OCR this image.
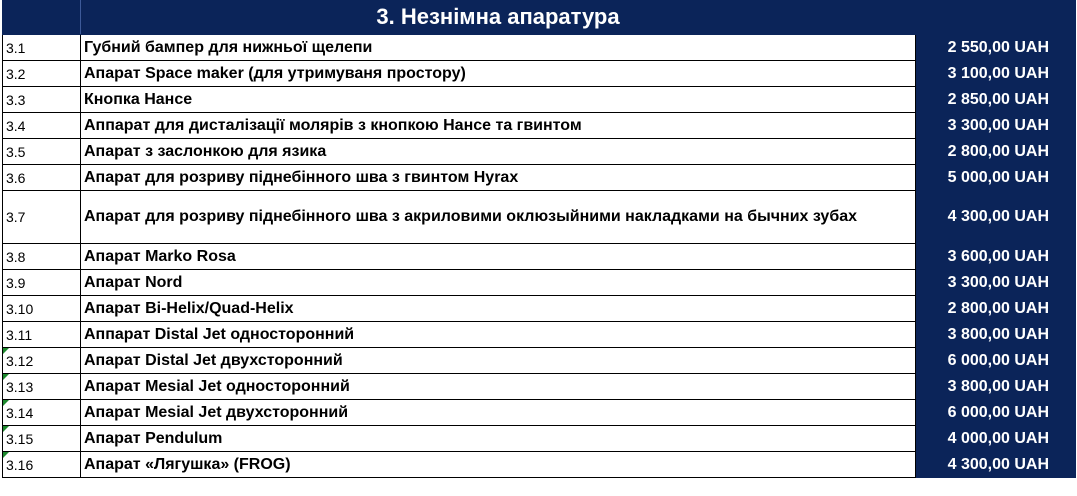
	3. Незнімна апаратура	
3.1	Губний бампер для нижньої щелепи	2 550,00 UAH
3.2	Апарат Space maker (для утримуваня простору)	3 100,00 UAH
3.3	Кнопка Нансе	2 850,00 UAH
3.4	Аппарат для дисталізації молярів з кнопкою Нансе та гвинтом	3 300,00 UAH
3.5	Апарат з заслонкою для язика	2 800,00 UAH
3.6	Апарат для розриву піднебінного шва з гвинтом Hyrax	5 000,00 UAH
3.7	Апарат для розриву піднебінного шва з акриловими оклюзыйними накладками на бычних зубах	4 300,00 UAH
3.8	Апарат Marko Rosa	3 600,00 UAH
3.9	Апарат Nord	3 300,00 UAH
3.10	Апарат Bi-Helix/Quad-Helix	2 800,00 UAH
3.11	Аппарат Distal Jet односторонний	3 800,00 UAH
3.12	Апарат Distal Jet двухсторонний	6 000,00 UAH
3.13	Апарат Mesial Jet односторонний	3 800,00 UAH
3.14	Апарат Mesial Jet двухсторонний	6 000,00 UAH
3.15	Апарат Pendulum	4 000,00 UAH
3.16	Апарат «Лягушка» (FROG)	4 300,00 UAH
